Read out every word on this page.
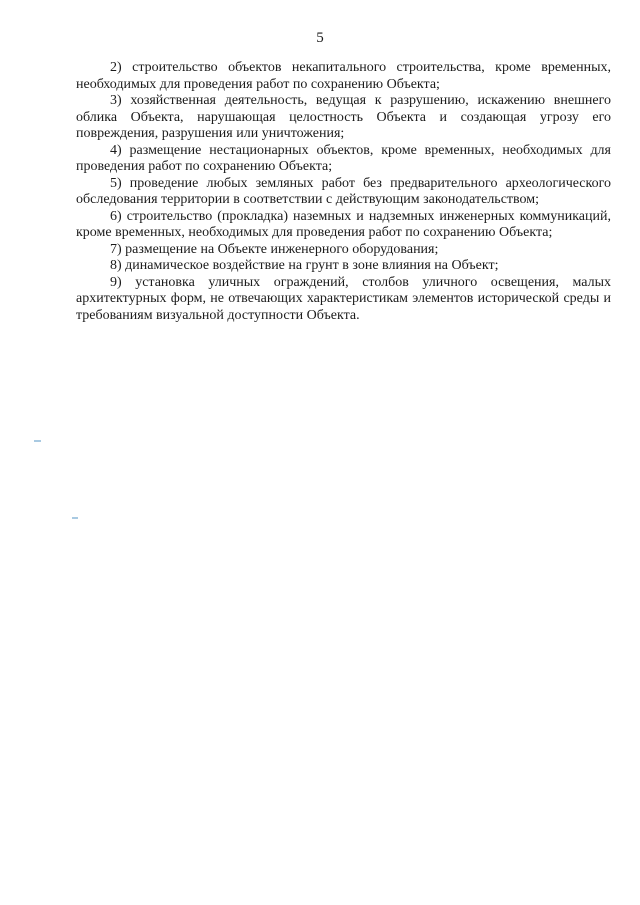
5

2) строительство объектов некапитального строительства, кроме временных, необходимых для проведения работ по сохранению Объекта;

3) хозяйственная деятельность, ведущая к разрушению, искажению внешнего облика Объекта, нарушающая целостность Объекта и создающая угрозу его повреждения, разрушения или уничтожения;

4) размещение нестационарных объектов, кроме временных, необходимых для проведения работ по сохранению Объекта;

5) проведение любых земляных работ без предварительного археологического обследования территории в соответствии с действующим законодательством;

6) строительство (прокладка) наземных и надземных инженерных коммуникаций, кроме временных, необходимых для проведения работ по сохранению Объекта;

7) размещение на Объекте инженерного оборудования;

8) динамическое воздействие на грунт в зоне влияния на Объект;

9) установка уличных ограждений, столбов уличного освещения, малых архитектурных форм, не отвечающих характеристикам элементов исторической среды и требованиям визуальной доступности Объекта.
